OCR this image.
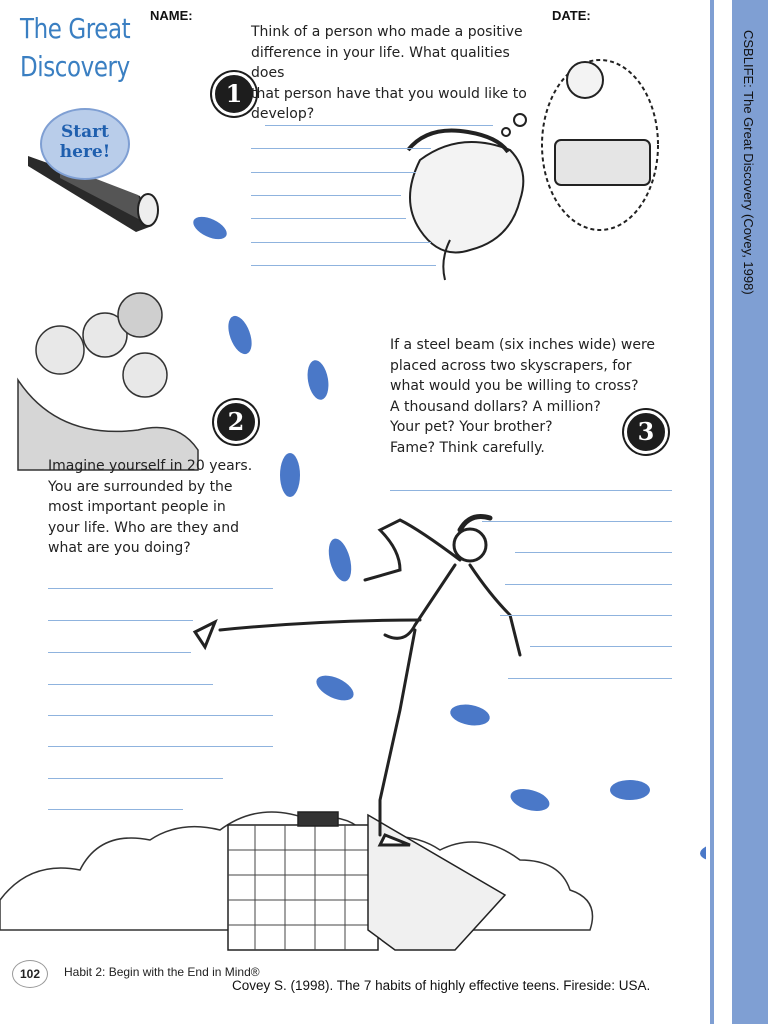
CSBLIFE: The Great Discovery (Covey, 1998)
The Great Discovery
NAME:	DATE:
Start here!
1
Think of a person who made a positive
difference in your life. What qualities does
that person have that you would like to
develop?
2
Imagine yourself in 20 years.
You are surrounded by the
most important people in
your life. Who are they and
what are you doing?
3
If a steel beam (six inches wide) were
placed across two skyscrapers, for
what would you be willing to cross?
A thousand dollars? A million?
Your pet? Your brother?
Fame? Think carefully.
102	Habit 2: Begin with the End in Mind®
Covey S. (1998). The 7 habits of highly effective teens. Fireside: USA.
